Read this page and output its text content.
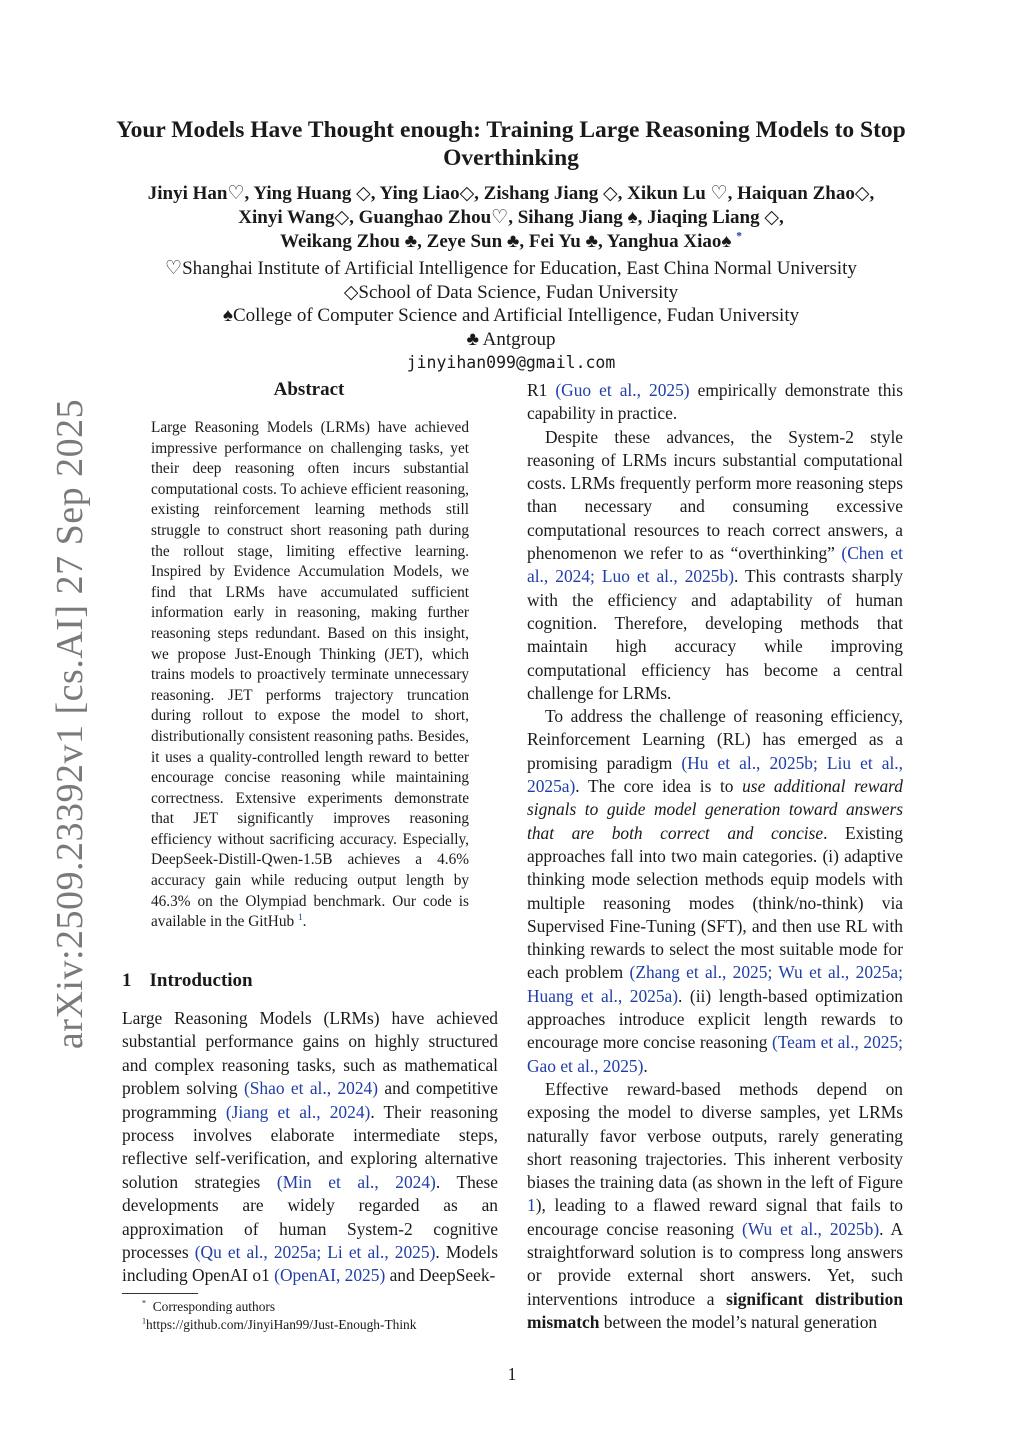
arXiv:2509.23392v1 [cs.AI] 27 Sep 2025
Your Models Have Thought enough: Training Large Reasoning Models to Stop Overthinking
Jinyi Han♡, Ying Huang ◇, Ying Liao◇, Zishang Jiang ◇, Xikun Lu ♡, Haiquan Zhao◇,
Xinyi Wang◇, Guanghao Zhou♡, Sihang Jiang ♠, Jiaqing Liang ◇,
Weikang Zhou ♣, Zeye Sun ♣, Fei Yu ♣, Yanghua Xiao♠ *
♡Shanghai Institute of Artificial Intelligence for Education, East China Normal University
◇School of Data Science, Fudan University
♠College of Computer Science and Artificial Intelligence, Fudan University
♣ Antgroup
jinyihan099@gmail.com
Abstract
Large Reasoning Models (LRMs) have achieved impressive performance on challenging tasks, yet their deep reasoning often incurs substantial computational costs. To achieve efficient reasoning, existing reinforcement learning methods still struggle to construct short reasoning path during the rollout stage, limiting effective learning. Inspired by Evidence Accumulation Models, we find that LRMs have accumulated sufficient information early in reasoning, making further reasoning steps redundant. Based on this insight, we propose Just-Enough Thinking (JET), which trains models to proactively terminate unnecessary reasoning. JET performs trajectory truncation during rollout to expose the model to short, distributionally consistent reasoning paths. Besides, it uses a quality-controlled length reward to better encourage concise reasoning while maintaining correctness. Extensive experiments demonstrate that JET significantly improves reasoning efficiency without sacrificing accuracy. Especially, DeepSeek-Distill-Qwen-1.5B achieves a 4.6% accuracy gain while reducing output length by 46.3% on the Olympiad benchmark. Our code is available in the GitHub $^1$.
1 Introduction
Large Reasoning Models (LRMs) have achieved substantial performance gains on highly structured and complex reasoning tasks, such as mathematical problem solving (Shao et al., 2024) and competitive programming (Jiang et al., 2024). Their reasoning process involves elaborate intermediate steps, reflective self-verification, and exploring alternative solution strategies (Min et al., 2024). These developments are widely regarded as an approximation of human System-2 cognitive processes (Qu et al., 2025a; Li et al., 2025). Models including OpenAI o1 (OpenAI, 2025) and DeepSeek-
* Corresponding authors
$^1$https://github.com/JinyiHan99/Just-Enough-Think

R1 (Guo et al., 2025) empirically demonstrate this capability in practice.

Despite these advances, the System-2 style reasoning of LRMs incurs substantial computational costs. LRMs frequently perform more reasoning steps than necessary and consuming excessive computational resources to reach correct answers, a phenomenon we refer to as “overthinking” (Chen et al., 2024; Luo et al., 2025b). This contrasts sharply with the efficiency and adaptability of human cognition. Therefore, developing methods that maintain high accuracy while improving computational efficiency has become a central challenge for LRMs.

To address the challenge of reasoning efficiency, Reinforcement Learning (RL) has emerged as a promising paradigm (Hu et al., 2025b; Liu et al., 2025a). The core idea is to use additional reward signals to guide model generation toward answers that are both correct and concise. Existing approaches fall into two main categories. (i) adaptive thinking mode selection methods equip models with multiple reasoning modes (think/no-think) via Supervised Fine-Tuning (SFT), and then use RL with thinking rewards to select the most suitable mode for each problem (Zhang et al., 2025; Wu et al., 2025a; Huang et al., 2025a). (ii) length-based optimization approaches introduce explicit length rewards to encourage more concise reasoning (Team et al., 2025; Gao et al., 2025).

Effective reward-based methods depend on exposing the model to diverse samples, yet LRMs naturally favor verbose outputs, rarely generating short reasoning trajectories. This inherent verbosity biases the training data (as shown in the left of Figure 1), leading to a flawed reward signal that fails to encourage concise reasoning (Wu et al., 2025b). A straightforward solution is to compress long answers or provide external short answers. Yet, such interventions introduce a significant distribution mismatch between the model’s natural generation

1
